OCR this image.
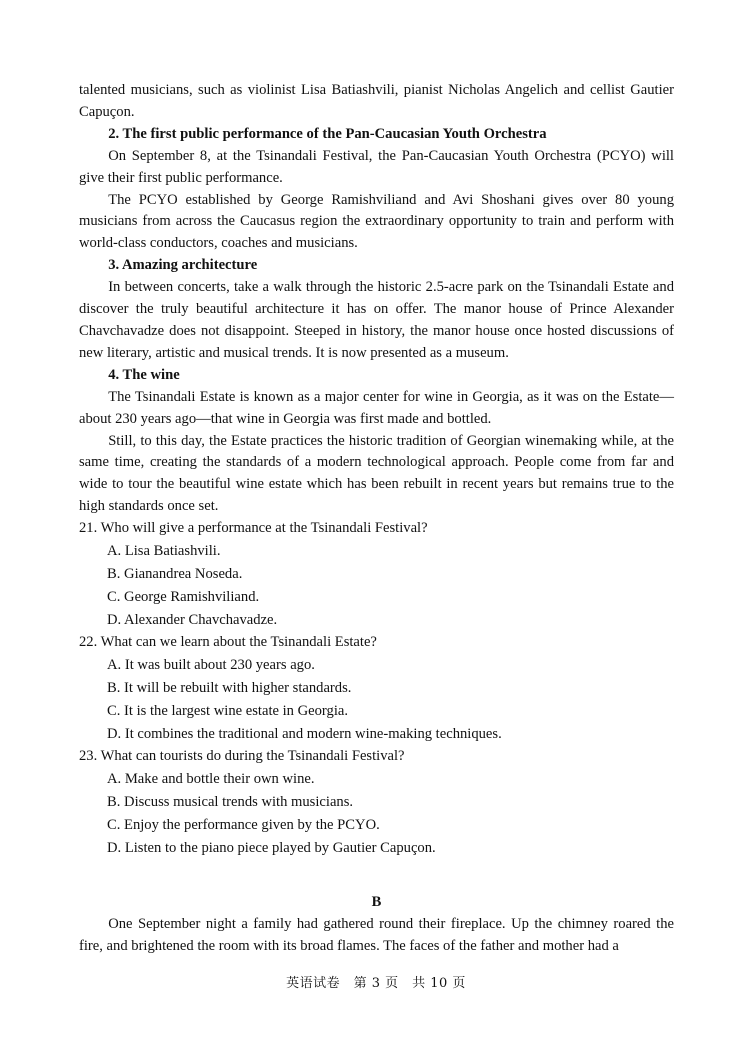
talented musicians, such as violinist Lisa Batiashvili, pianist Nicholas Angelich and cellist Gautier Capuçon.

2. The first public performance of the Pan-Caucasian Youth Orchestra

On September 8, at the Tsinandali Festival, the Pan-Caucasian Youth Orchestra (PCYO) will give their first public performance.

The PCYO established by George Ramishviliand and Avi Shoshani gives over 80 young musicians from across the Caucasus region the extraordinary opportunity to train and perform with world-class conductors, coaches and musicians.

3. Amazing architecture

In between concerts, take a walk through the historic 2.5-acre park on the Tsinandali Estate and discover the truly beautiful architecture it has on offer. The manor house of Prince Alexander Chavchavadze does not disappoint. Steeped in history, the manor house once hosted discussions of new literary, artistic and musical trends. It is now presented as a museum.

4. The wine

The Tsinandali Estate is known as a major center for wine in Georgia, as it was on the Estate—about 230 years ago—that wine in Georgia was first made and bottled.

Still, to this day, the Estate practices the historic tradition of Georgian winemaking while, at the same time, creating the standards of a modern technological approach. People come from far and wide to tour the beautiful wine estate which has been rebuilt in recent years but remains true to the high standards once set.

21. Who will give a performance at the Tsinandali Festival?

A. Lisa Batiashvili.

B. Gianandrea Noseda.

C. George Ramishviliand.

D. Alexander Chavchavadze.

22. What can we learn about the Tsinandali Estate?

A. It was built about 230 years ago.

B. It will be rebuilt with higher standards.

C. It is the largest wine estate in Georgia.

D. It combines the traditional and modern wine-making techniques.

23. What can tourists do during the Tsinandali Festival?

A. Make and bottle their own wine.

B. Discuss musical trends with musicians.

C. Enjoy the performance given by the PCYO.

D. Listen to the piano piece played by Gautier Capuçon.

B

One September night a family had gathered round their fireplace. Up the chimney roared the fire, and brightened the room with its broad flames. The faces of the father and mother had a

英语试卷　第 3 页　共 10 页
